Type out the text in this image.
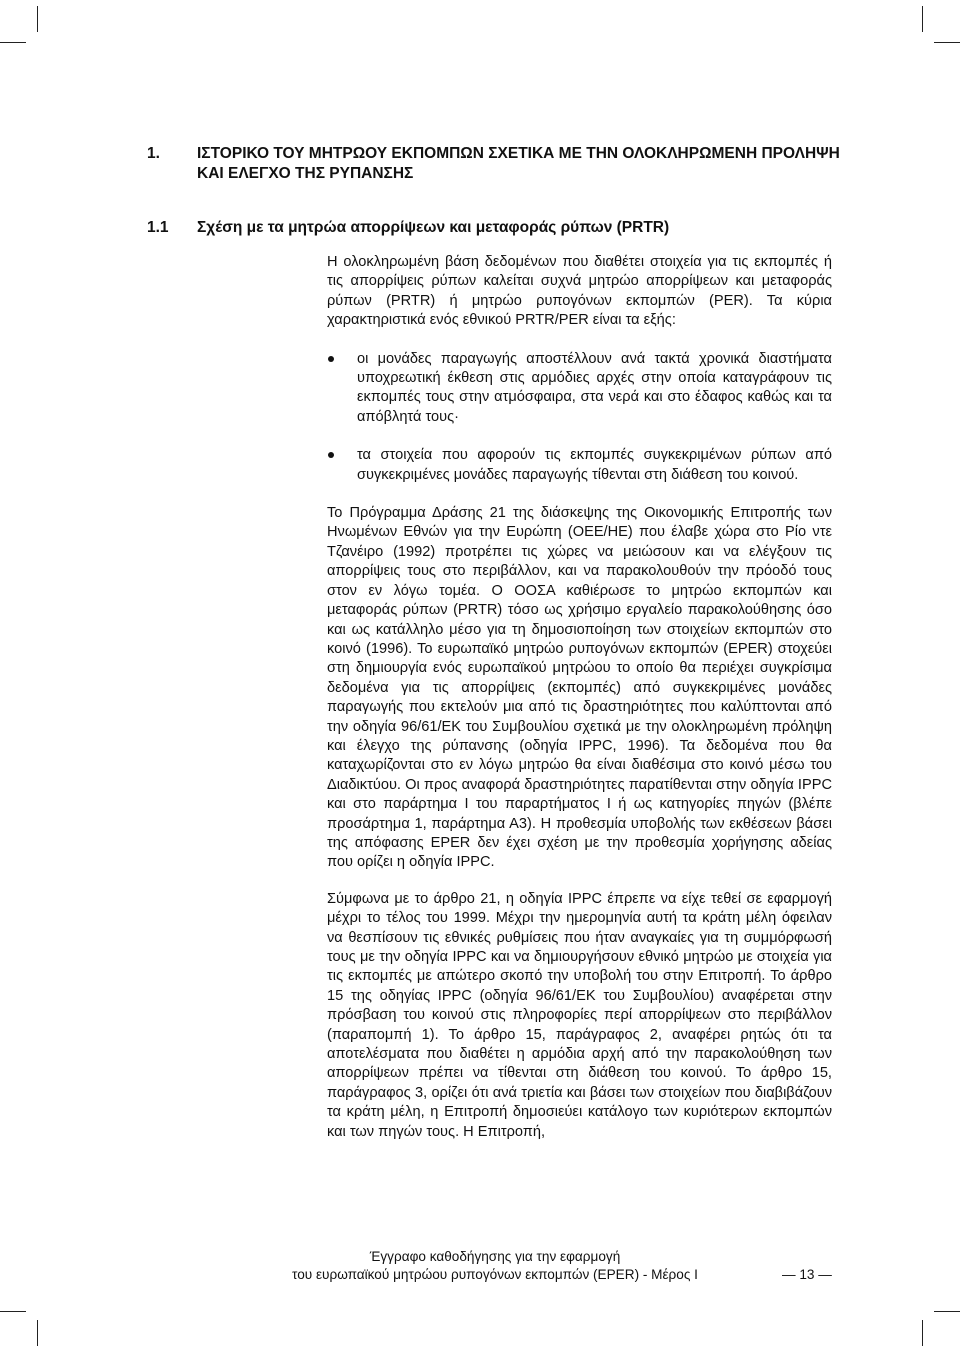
1. ΙΣΤΟΡΙΚΟ ΤΟΥ ΜΗΤΡΩΟΥ ΕΚΠΟΜΠΩΝ ΣΧΕΤΙΚΑ ΜΕ ΤΗΝ ΟΛΟΚΛΗΡΩΜΕΝΗ ΠΡΟΛΗΨΗ ΚΑΙ ΕΛΕΓΧΟ ΤΗΣ ΡΥΠΑΝΣΗΣ
1.1 Σχέση με τα μητρώα απορρίψεων και μεταφοράς ρύπων (PRTR)

Η ολοκληρωμένη βάση δεδομένων που διαθέτει στοιχεία για τις εκπομπές ή τις απορρίψεις ρύπων καλείται συχνά μητρώο απορρίψεων και μεταφοράς ρύπων (PRTR) ή μητρώο ρυπογόνων εκπομπών (PER). Τα κύρια χαρακτηριστικά ενός εθνικού PRTR/PER είναι τα εξής:

οι μονάδες παραγωγής αποστέλλουν ανά τακτά χρονικά διαστήματα υποχρεωτική έκθεση στις αρμόδιες αρχές στην οποία καταγράφουν τις εκπομπές τους στην ατμόσφαιρα, στα νερά και στο έδαφος καθώς και τα απόβλητά τους·
τα στοιχεία που αφορούν τις εκπομπές συγκεκριμένων ρύπων από συγκεκριμένες μονάδες παραγωγής τίθενται στη διάθεση του κοινού.

Το Πρόγραμμα Δράσης 21 της διάσκεψης της Οικονομικής Επιτροπής των Ηνωμένων Εθνών για την Ευρώπη (ΟΕΕ/ΗΕ) που έλαβε χώρα στο Ρίο ντε Τζανέιρο (1992) προτρέπει τις χώρες να μειώσουν και να ελέγξουν τις απορρίψεις τους στο περιβάλλον, και να παρακολουθούν την πρόοδό τους στον εν λόγω τομέα. Ο ΟΟΣΑ καθιέρωσε το μητρώο εκπομπών και μεταφοράς ρύπων (PRTR) τόσο ως χρήσιμο εργαλείο παρακολούθησης όσο και ως κατάλληλο μέσο για τη δημοσιοποίηση των στοιχείων εκπομπών στο κοινό (1996). Το ευρωπαϊκό μητρώο ρυπογόνων εκπομπών (EPER) στοχεύει στη δημιουργία ενός ευρωπαϊκού μητρώου το οποίο θα περιέχει συγκρίσιμα δεδομένα για τις απορρίψεις (εκπομπές) από συγκεκριμένες μονάδες παραγωγής που εκτελούν μια από τις δραστηριότητες που καλύπτονται από την οδηγία 96/61/ΕΚ του Συμβουλίου σχετικά με την ολοκληρωμένη πρόληψη και έλεγχο της ρύπανσης (οδηγία IPPC, 1996). Τα δεδομένα που θα καταχωρίζονται στο εν λόγω μητρώο θα είναι διαθέσιμα στο κοινό μέσω του Διαδικτύου. Οι προς αναφορά δραστηριότητες παρατίθενται στην οδηγία IPPC και στο παράρτημα Ι του παραρτήματος Ι ή ως κατηγορίες πηγών (βλέπε προσάρτημα 1, παράρτημα Α3). Η προθεσμία υποβολής των εκθέσεων βάσει της απόφασης EPER δεν έχει σχέση με την προθεσμία χορήγησης αδείας που ορίζει η οδηγία IPPC.

Σύμφωνα με το άρθρο 21, η οδηγία IPPC έπρεπε να είχε τεθεί σε εφαρμογή μέχρι το τέλος του 1999. Μέχρι την ημερομηνία αυτή τα κράτη μέλη όφειλαν να θεσπίσουν τις εθνικές ρυθμίσεις που ήταν αναγκαίες για τη συμμόρφωσή τους με την οδηγία IPPC και να δημιουργήσουν εθνικό μητρώο με στοιχεία για τις εκπομπές με απώτερο σκοπό την υποβολή του στην Επιτροπή. Το άρθρο 15 της οδηγίας IPPC (οδηγία 96/61/ΕΚ του Συμβουλίου) αναφέρεται στην πρόσβαση του κοινού στις πληροφορίες περί απορρίψεων στο περιβάλλον (παραπομπή 1). Το άρθρο 15, παράγραφος 2, αναφέρει ρητώς ότι τα αποτελέσματα που διαθέτει η αρμόδια αρχή από την παρακολούθηση των απορρίψεων πρέπει να τίθενται στη διάθεση του κοινού. Το άρθρο 15, παράγραφος 3, ορίζει ότι ανά τριετία και βάσει των στοιχείων που διαβιβάζουν τα κράτη μέλη, η Επιτροπή δημοσιεύει κατάλογο των κυριότερων εκπομπών και των πηγών τους. Η Επιτροπή,

Έγγραφο καθοδήγησης για την εφαρμογή
του ευρωπαϊκού μητρώου ρυπογόνων εκπομπών (EPER) - Μέρος Ι	— 13 —
